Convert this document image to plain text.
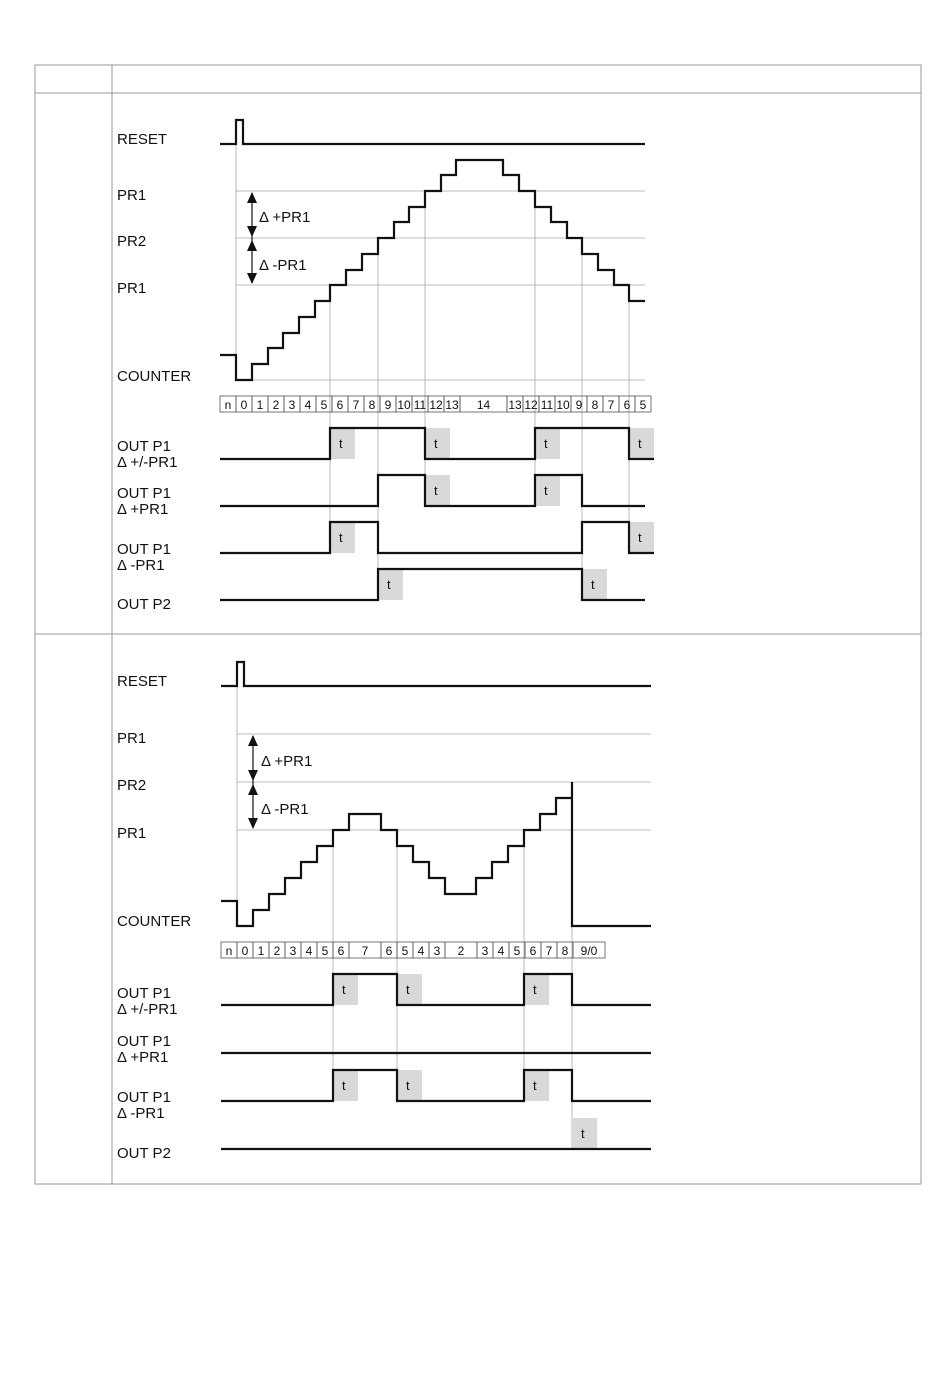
RESET
PR1
PR2
PR1
COUNTER
Δ +PR1
Δ -PR1
n 0 1 2 3 4 5 6 7 8 9 10 11 12 13 14 13 12 11 10 9 8 7 6 5
OUT P1
Δ +/-PR1
OUT P1
Δ +PR1
OUT P1
Δ -PR1
OUT P2
t	t	t	t
t	t
t	t
t	t
RESET
PR1
PR2
PR1
COUNTER
Δ +PR1
Δ -PR1
n 0 1 2 3 4 5 6 7 6 5 4 3 2 3 4 5 6 7 8 9/0
OUT P1
Δ +/-PR1
OUT P1
Δ +PR1
OUT P1
Δ -PR1
OUT P2
t	t	t
t	t	t
t
